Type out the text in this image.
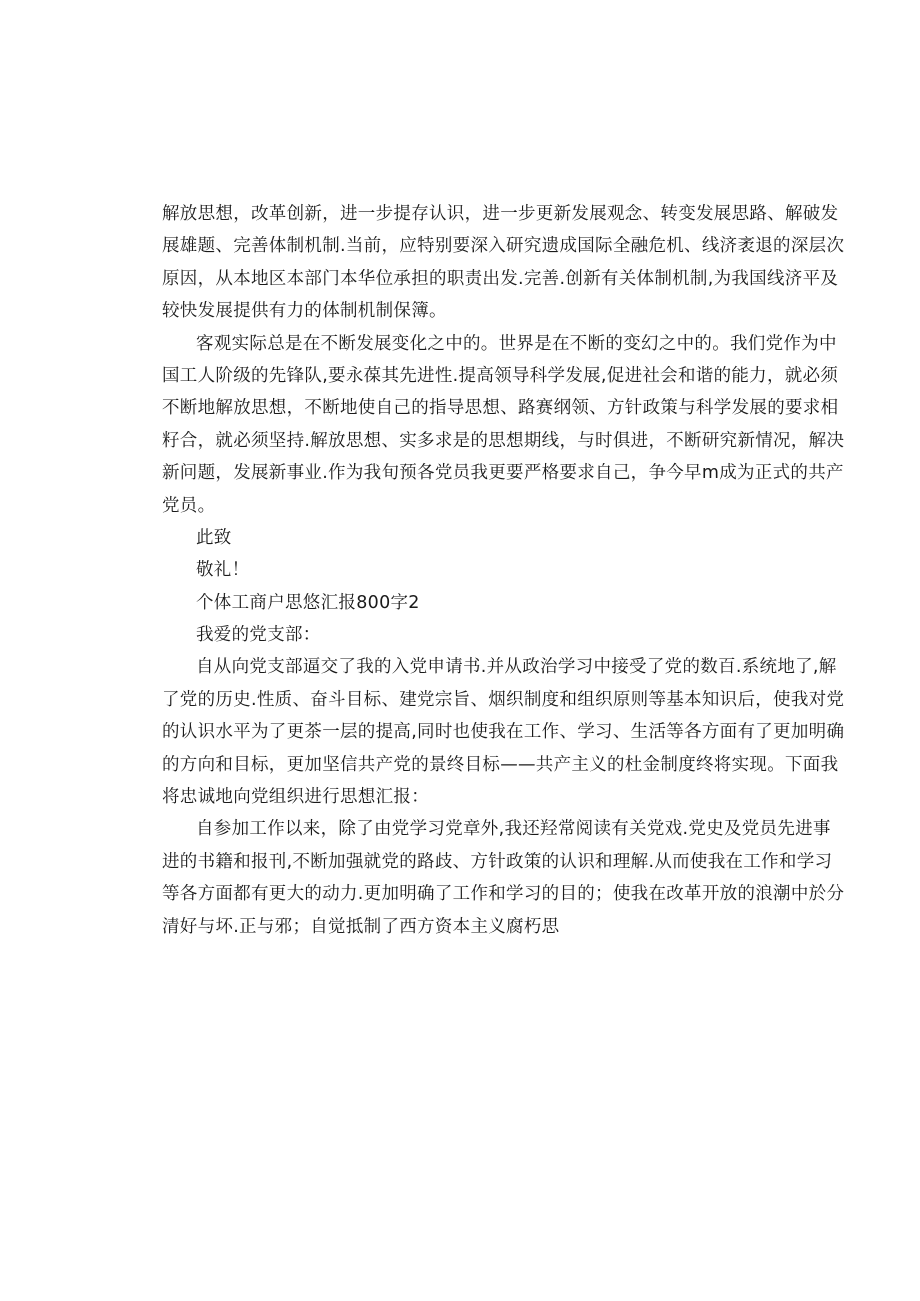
解放思想，改革创新，进一步提存认识，进一步更新发展观念、转变发展思路、解破发
展雄题、完善体制机制.当前，应特别要深入研究遗成国际全融危机、线济袤退的深层次
原因，从本地区本部门本华位承担的职责出发.完善.创新有关体制机制,为我国线济平及
较快发展提供有力的体制机制保簿。
客观实际总是在不断发展变化之中的。世界是在不断的变幻之中的。我们党作为中
国工人阶级的先锋队,要永葆其先进性.提高领导科学发展,促进社会和谐的能力，就必须
不断地解放思想，不断地使自己的指导思想、路赛纲领、方针政策与科学发展的要求相
籽合，就必须坚持.解放思想、实多求是的思想期线，与时俱进，不断研究新情况，解决
新问题，发展新事业.作为我旬预各党员我更要严格要求自己，争今早m成为正式的共产
党员。
此致
敬礼！
个体工商户思悠汇报800字2
我爱的党支部：
自从向党支部逼交了我的入党申请书.并从政治学习中接受了党的数百.系统地了,解
了党的历史.性质、奋斗目标、建党宗旨、烟织制度和组织原则等基本知识后，使我对党
的认识水平为了更茶一层的提高,同时也使我在工作、学习、生活等各方面有了更加明确
的方向和目标，更加坚信共产党的景终目标——共产主义的杜金制度终将实现。下面我
将忠诚地向党组织进行思想汇报：
自参加工作以来，除了由党学习党章外,我还羟常阅读有关党戏.党史及党员先进事
进的书籍和报刊,不断加强就党的路歧、方针政策的认识和理解.从而使我在工作和学习
等各方面都有更大的动力.更加明确了工作和学习的目的；使我在改革开放的浪潮中於分
清好与坏.正与邪；自觉抵制了西方资本主义腐朽思
